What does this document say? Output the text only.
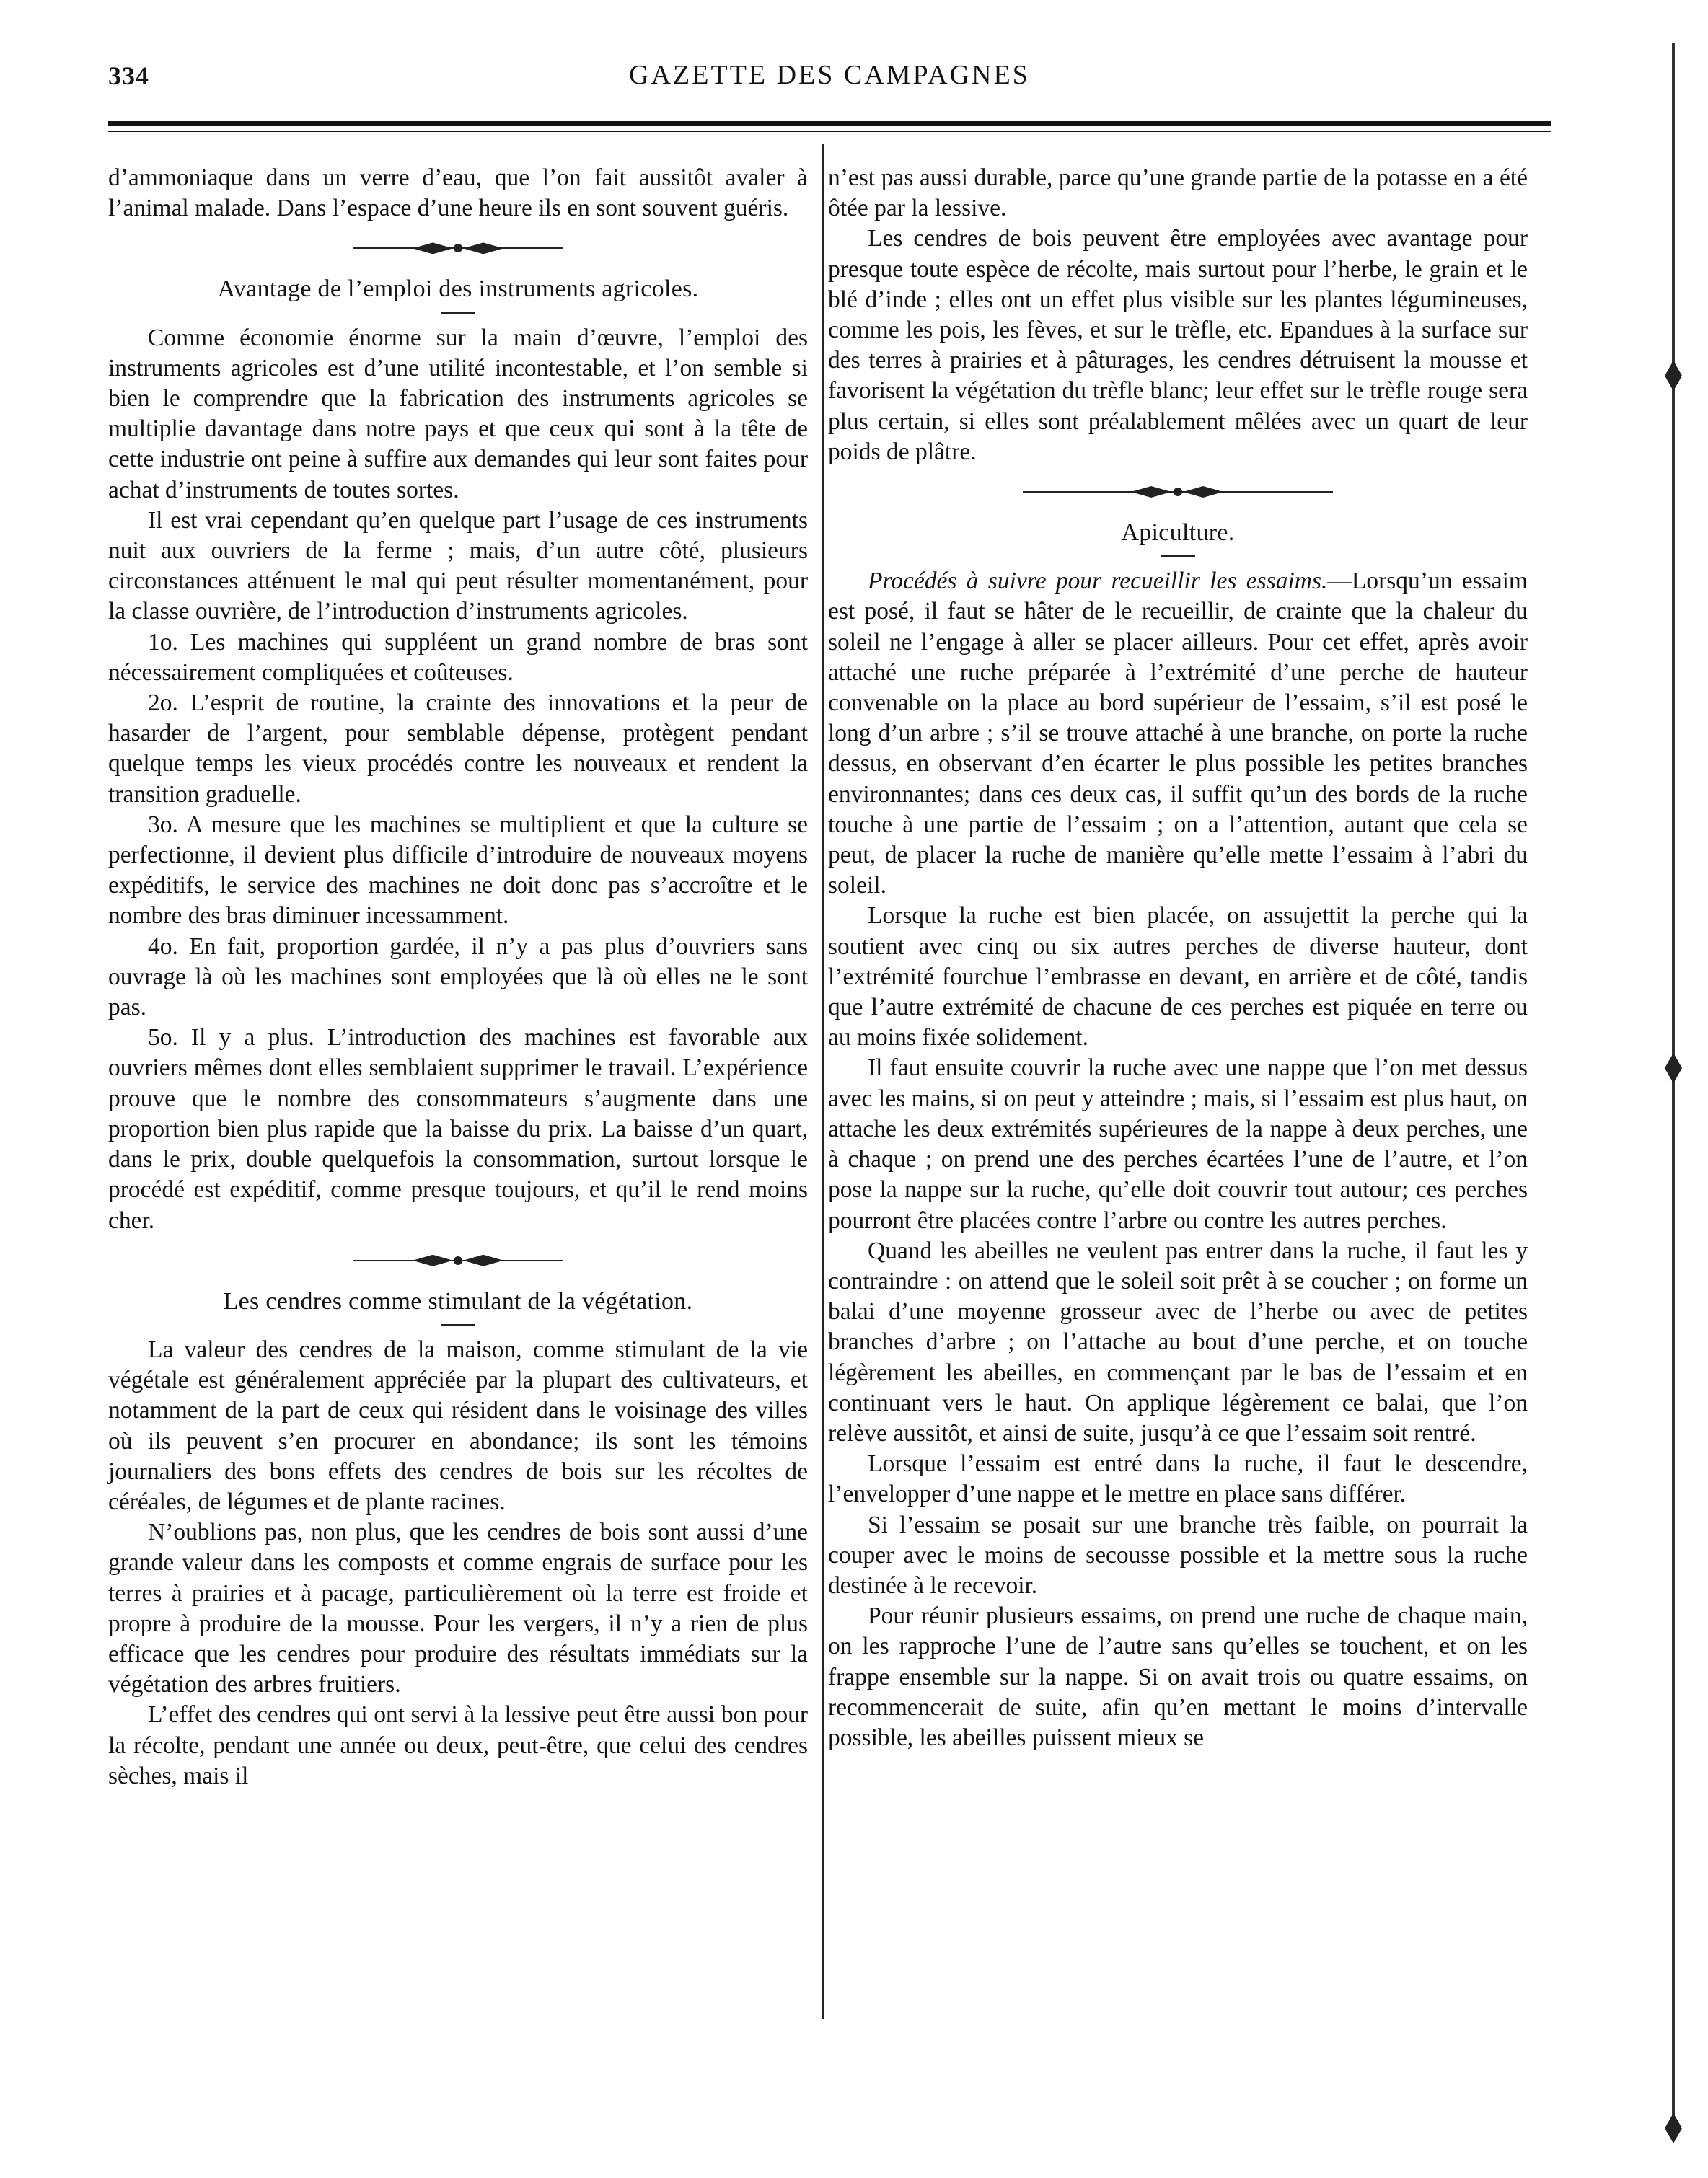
334	GAZETTE DES CAMPAGNES

d’ammoniaque dans un verre d’eau, que l’on fait aussitôt avaler à l’animal malade. Dans l’espace d’une heure ils en sont souvent guéris.

Avantage de l’emploi des instruments agricoles.

Comme économie énorme sur la main d’œuvre, l’emploi des instruments agricoles est d’une utilité incontestable, et l’on semble si bien le comprendre que la fabrication des instruments agricoles se multiplie davantage dans notre pays et que ceux qui sont à la tête de cette industrie ont peine à suffire aux demandes qui leur sont faites pour achat d’instruments de toutes sortes.

Il est vrai cependant qu’en quelque part l’usage de ces instruments nuit aux ouvriers de la ferme ; mais, d’un autre côté, plusieurs circonstances atténuent le mal qui peut résulter momentanément, pour la classe ouvrière, de l’introduction d’instruments agricoles.

1o. Les machines qui suppléent un grand nombre de bras sont nécessairement compliquées et coûteuses.

2o. L’esprit de routine, la crainte des innovations et la peur de hasarder de l’argent, pour semblable dépense, protègent pendant quelque temps les vieux procédés contre les nouveaux et rendent la transition graduelle.

3o. A mesure que les machines se multiplient et que la culture se perfectionne, il devient plus difficile d’introduire de nouveaux moyens expéditifs, le service des machines ne doit donc pas s’accroître et le nombre des bras diminuer incessamment.

4o. En fait, proportion gardée, il n’y a pas plus d’ouvriers sans ouvrage là où les machines sont employées que là où elles ne le sont pas.

5o. Il y a plus. L’introduction des machines est favorable aux ouvriers mêmes dont elles semblaient supprimer le travail. L’expérience prouve que le nombre des consommateurs s’augmente dans une proportion bien plus rapide que la baisse du prix. La baisse d’un quart, dans le prix, double quelquefois la consommation, surtout lorsque le procédé est expéditif, comme presque toujours, et qu’il le rend moins cher.

Les cendres comme stimulant de la végétation.

La valeur des cendres de la maison, comme stimulant de la vie végétale est généralement appréciée par la plupart des cultivateurs, et notamment de la part de ceux qui résident dans le voisinage des villes où ils peuvent s’en procurer en abondance; ils sont les témoins journaliers des bons effets des cendres de bois sur les récoltes de céréales, de légumes et de plante racines.

N’oublions pas, non plus, que les cendres de bois sont aussi d’une grande valeur dans les composts et comme engrais de surface pour les terres à prairies et à pacage, particulièrement où la terre est froide et propre à produire de la mousse. Pour les vergers, il n’y a rien de plus efficace que les cendres pour produire des résultats immédiats sur la végétation des arbres fruitiers.

L’effet des cendres qui ont servi à la lessive peut être aussi bon pour la récolte, pendant une année ou deux, peut-être, que celui des cendres sèches, mais il

n’est pas aussi durable, parce qu’une grande partie de la potasse en a été ôtée par la lessive.

Les cendres de bois peuvent être employées avec avantage pour presque toute espèce de récolte, mais surtout pour l’herbe, le grain et le blé d’inde ; elles ont un effet plus visible sur les plantes légumineuses, comme les pois, les fèves, et sur le trèfle, etc. Epandues à la surface sur des terres à prairies et à pâturages, les cendres détruisent la mousse et favorisent la végétation du trèfle blanc; leur effet sur le trèfle rouge sera plus certain, si elles sont préalablement mêlées avec un quart de leur poids de plâtre.

Apiculture.

Procédés à suivre pour recueillir les essaims.—Lorsqu’un essaim est posé, il faut se hâter de le recueillir, de crainte que la chaleur du soleil ne l’engage à aller se placer ailleurs. Pour cet effet, après avoir attaché une ruche préparée à l’extrémité d’une perche de hauteur convenable on la place au bord supérieur de l’essaim, s’il est posé le long d’un arbre ; s’il se trouve attaché à une branche, on porte la ruche dessus, en observant d’en écarter le plus possible les petites branches environnantes; dans ces deux cas, il suffit qu’un des bords de la ruche touche à une partie de l’essaim ; on a l’attention, autant que cela se peut, de placer la ruche de manière qu’elle mette l’essaim à l’abri du soleil.

Lorsque la ruche est bien placée, on assujettit la perche qui la soutient avec cinq ou six autres perches de diverse hauteur, dont l’extrémité fourchue l’embrasse en devant, en arrière et de côté, tandis que l’autre extrémité de chacune de ces perches est piquée en terre ou au moins fixée solidement.

Il faut ensuite couvrir la ruche avec une nappe que l’on met dessus avec les mains, si on peut y atteindre ; mais, si l’essaim est plus haut, on attache les deux extrémités supérieures de la nappe à deux perches, une à chaque ; on prend une des perches écartées l’une de l’autre, et l’on pose la nappe sur la ruche, qu’elle doit couvrir tout autour; ces perches pourront être placées contre l’arbre ou contre les autres perches.

Quand les abeilles ne veulent pas entrer dans la ruche, il faut les y contraindre : on attend que le soleil soit prêt à se coucher ; on forme un balai d’une moyenne grosseur avec de l’herbe ou avec de petites branches d’arbre ; on l’attache au bout d’une perche, et on touche légèrement les abeilles, en commençant par le bas de l’essaim et en continuant vers le haut. On applique légèrement ce balai, que l’on relève aussitôt, et ainsi de suite, jusqu’à ce que l’essaim soit rentré.

Lorsque l’essaim est entré dans la ruche, il faut le descendre, l’envelopper d’une nappe et le mettre en place sans différer.

Si l’essaim se posait sur une branche très faible, on pourrait la couper avec le moins de secousse possible et la mettre sous la ruche destinée à le recevoir.

Pour réunir plusieurs essaims, on prend une ruche de chaque main, on les rapproche l’une de l’autre sans qu’elles se touchent, et on les frappe ensemble sur la nappe. Si on avait trois ou quatre essaims, on recommencerait de suite, afin qu’en mettant le moins d’intervalle possible, les abeilles puissent mieux se
